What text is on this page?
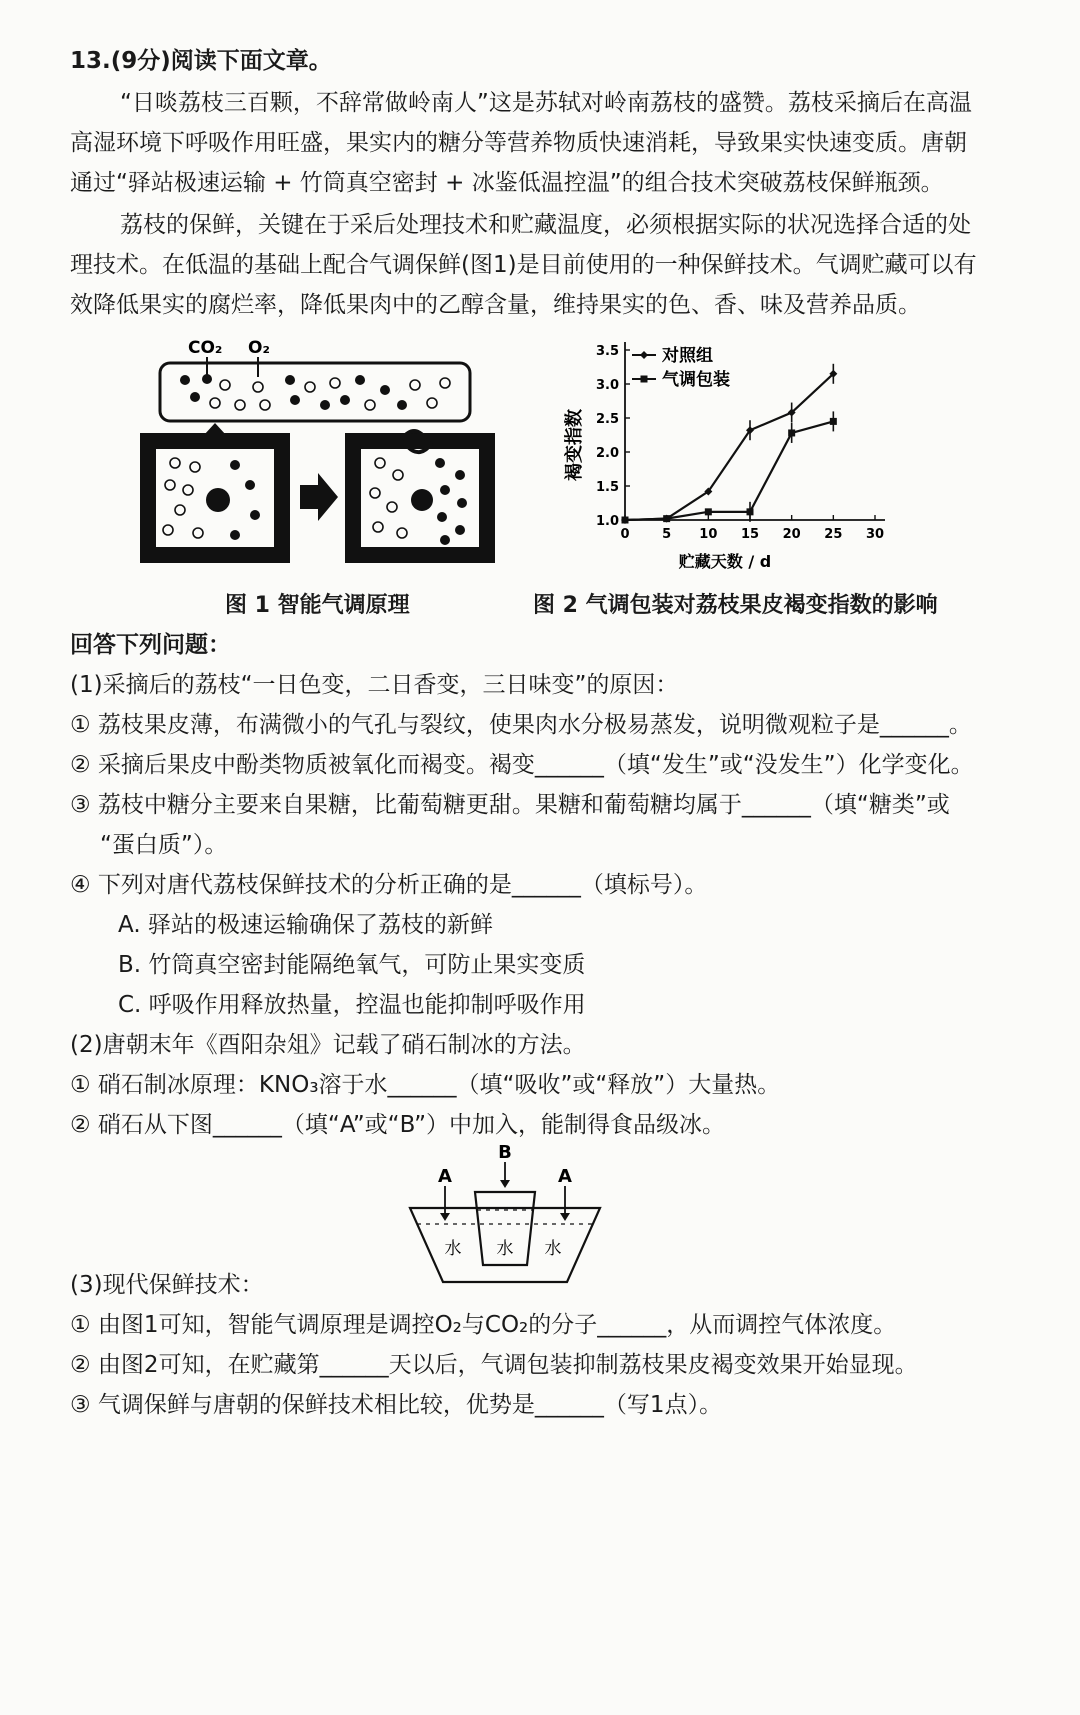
13.(9分)阅读下面文章。
“日啖荔枝三百颗，不辞常做岭南人”这是苏轼对岭南荔枝的盛赞。荔枝采摘后在高温
高湿环境下呼吸作用旺盛，果实内的糖分等营养物质快速消耗，导致果实快速变质。唐朝
通过“驿站极速运输 + 竹筒真空密封 + 冰鉴低温控温”的组合技术突破荔枝保鲜瓶颈。
荔枝的保鲜，关键在于采后处理技术和贮藏温度，必须根据实际的状况选择合适的处
理技术。在低温的基础上配合气调保鲜(图1)是目前使用的一种保鲜技术。气调贮藏可以有
效降低果实的腐烂率，降低果肉中的乙醇含量，维持果实的色、香、味及营养品质。
CO₂ O₂
图 1 智能气调原理
1.0
1.5
2.0
2.5
3.0
3.5
0	5 10 15 20 25 30
对照组
气调包装
褐变指数
贮藏天数 / d
图 2 气调包装对荔枝果皮褐变指数的影响
回答下列问题：
(1)采摘后的荔枝“一日色变，二日香变，三日味变”的原因：
① 荔枝果皮薄，布满微小的气孔与裂纹，使果肉水分极易蒸发，说明微观粒子是______。
② 采摘后果皮中酚类物质被氧化而褐变。褐变______（填“发生”或“没发生”）化学变化。
③ 荔枝中糖分主要来自果糖，比葡萄糖更甜。果糖和葡萄糖均属于______（填“糖类”或
“蛋白质”）。
④ 下列对唐代荔枝保鲜技术的分析正确的是______（填标号）。
A. 驿站的极速运输确保了荔枝的新鲜
B. 竹筒真空密封能隔绝氧气，可防止果实变质
C. 呼吸作用释放热量，控温也能抑制呼吸作用
(2)唐朝末年《酉阳杂俎》记载了硝石制冰的方法。
① 硝石制冰原理：KNO₃溶于水______（填“吸收”或“释放”）大量热。
② 硝石从下图______（填“A”或“B”）中加入，能制得食品级冰。
B
A	A
水 水 水
(3)现代保鲜技术：
① 由图1可知，智能气调原理是调控O₂与CO₂的分子______，从而调控气体浓度。
② 由图2可知，在贮藏第______天以后，气调包装抑制荔枝果皮褐变效果开始显现。
③ 气调保鲜与唐朝的保鲜技术相比较，优势是______（写1点）。
